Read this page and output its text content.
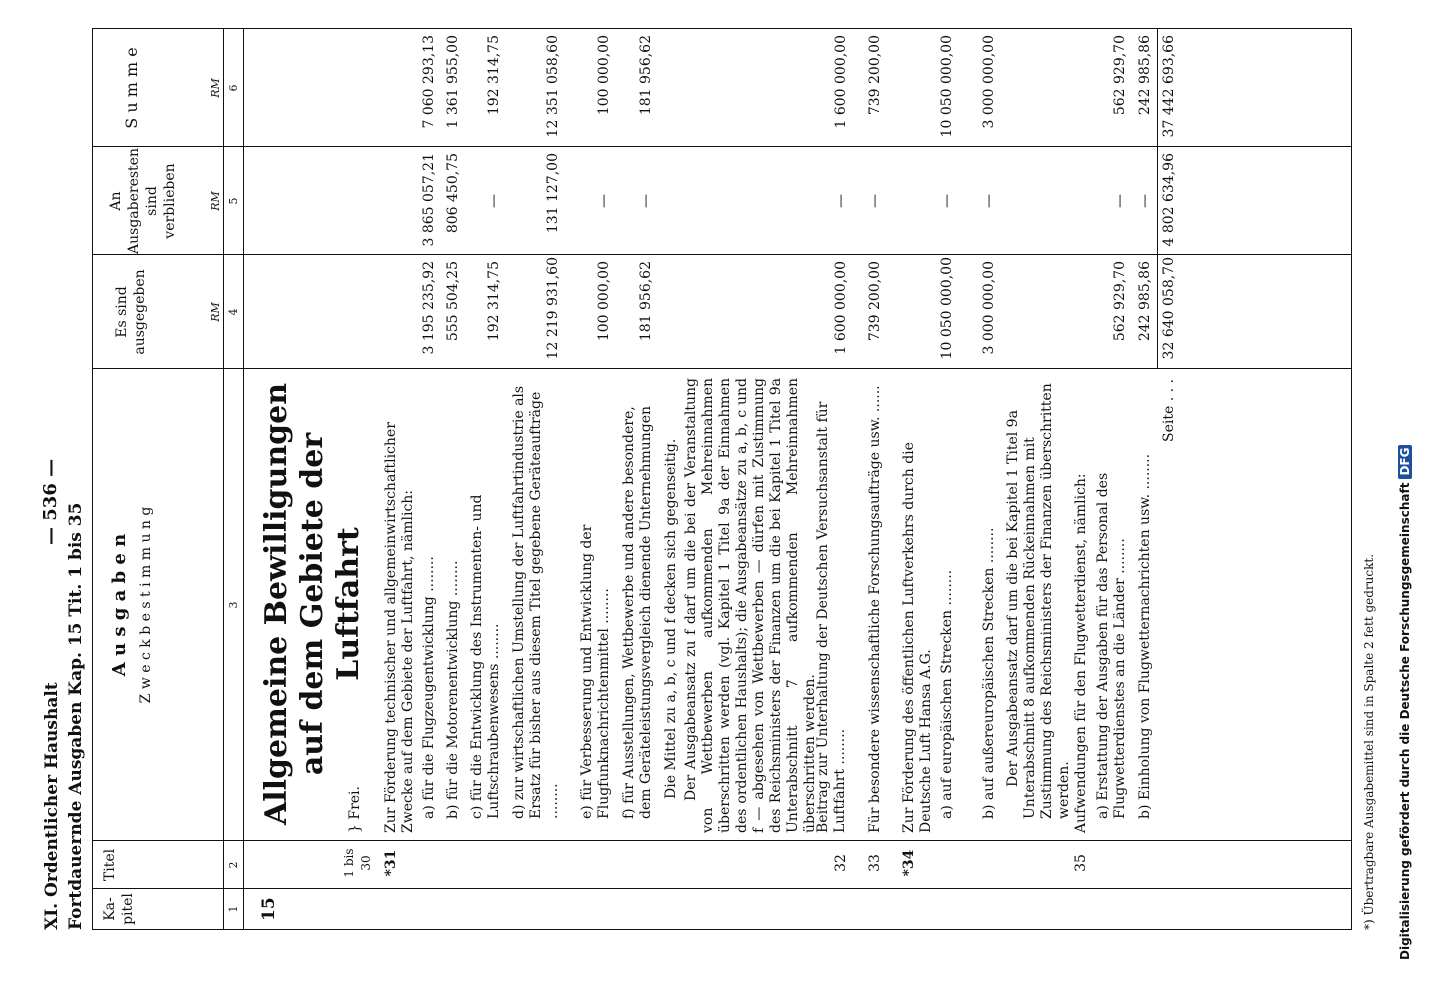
XI. Ordentlicher Haushalt Fortdauernde Ausgaben Kap. 15 Tit. 1 bis 35
— 536 —
Ka-pitel
Titel
A u s g a b e n Z w e c k b e s t i m m u n g
Es sind ausgegeben
An Ausgaberesten sind verblieben
S u m m e
RM
RM
RM
1
2
3
4
5
6
15
Allgemeine Bewilligungen auf dem Gebiete der Luftfahrt
1 bis 30
} Frei.
*31
Zur Förderung technischer und allgemeinwirtschaftlicher Zwecke auf dem Gebiete der Luftfahrt, nämlich: a) für die Flugzeugentwicklung ........
3 195 235,92
3 865 057,21
7 060 293,13
b) für die Motorenentwicklung ........
555 504,25
806 450,75
1 361 955,00
c) für die Entwicklung des Instrumenten- und Luftschraubenwesens ........
192 314,75
—
192 314,75
d) zur wirtschaftlichen Umstellung der Luftfahrtindustrie als Ersatz für bisher aus diesem Titel gegebene Geräteaufträge ........
12 219 931,60
131 127,00
12 351 058,60
e) für Verbesserung und Entwicklung der Flugfunknachrichtenmittel ........
100 000,00
—
100 000,00
f) für Ausstellungen, Wettbewerbe und andere besondere, dem Geräteleistungsvergleich dienende Unternehmungen
181 956,62
—
181 956,62
Die Mittel zu a, b, c und f decken sich gegenseitig. Der Ausgabeansatz zu f darf um die bei der Veranstaltung von Wettbewerben aufkommenden Mehreinnahmen überschritten werden (vgl. Kapitel 1 Titel 9a der Einnahmen des ordentlichen Haushalts); die Ausgabeansätze zu a, b, c und f — abgesehen von Wettbewerben — dürfen mit Zustimmung des Reichsministers der Finanzen um die bei Kapitel 1 Titel 9a Unterabschnitt 7 aufkommenden Mehreinnahmen überschritten werden.
32
Beitrag zur Unterhaltung der Deutschen Versuchsanstalt für Luftfahrt ........
1 600 000,00
—
1 600 000,00
33
Für besondere wissenschaftliche Forschungsaufträge usw. ......
739 200,00
—
739 200,00
*34
Zur Förderung des öffentlichen Luftverkehrs durch die Deutsche Luft Hansa A.G. a) auf europäischen Strecken ........
10 050 000,00
—
10 050 000,00
b) auf außereuropäischen Strecken ........
3 000 000,00
—
3 000 000,00
Der Ausgabeansatz darf um die bei Kapitel 1 Titel 9a Unterabschnitt 8 aufkommenden Rückeinnahmen mit Zustimmung des Reichsministers der Finanzen überschritten werden.
35
Aufwendungen für den Flugwetterdienst, nämlich: a) Erstattung der Ausgaben für das Personal des Flugwetterdienstes an die Länder ........
562 929,70
—
562 929,70
b) Einholung von Flugwetternachrichten usw. ........
242 985,86
—
242 985,86
Seite . . .
32 640 058,70
4 802 634,96
37 442 693,66
*) Übertragbare Ausgabemittel sind in Spalte 2 fett gedruckt. Digitalisierung gefördert durch die Deutsche ForschungsgemeinschaftDFG
